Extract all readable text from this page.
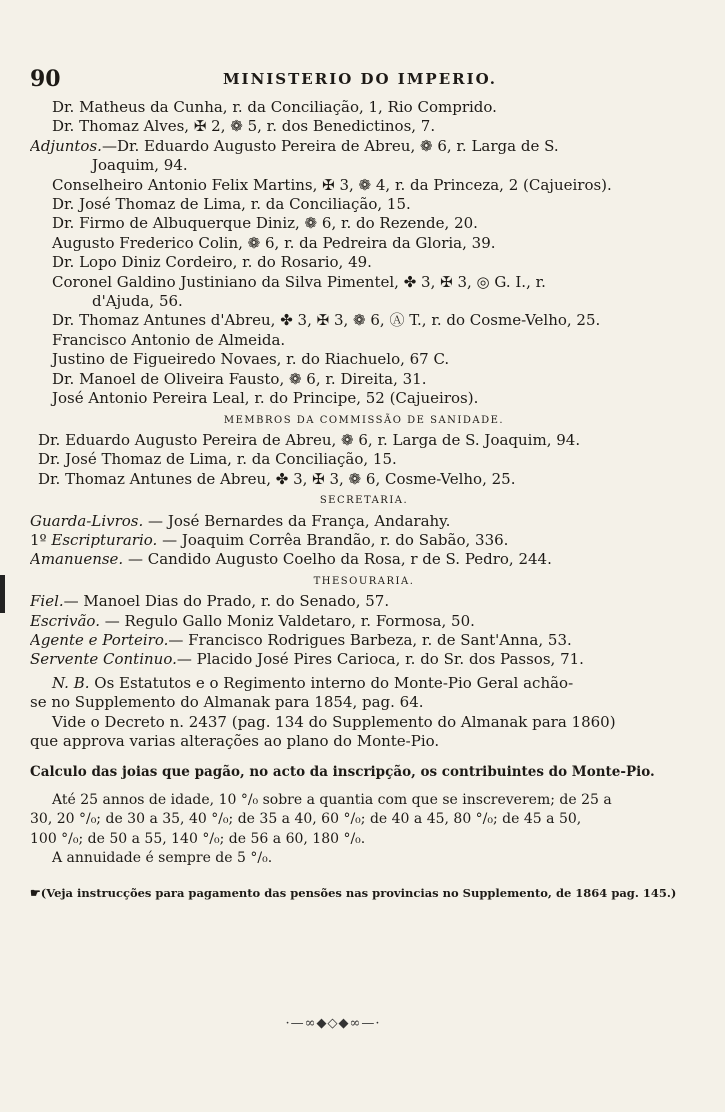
90	MINISTERIO DO IMPERIO.
Dr. Matheus da Cunha, r. da Conciliação, 1, Rio Comprido.
Dr. Thomaz Alves, ✠ 2, ❁ 5, r. dos Benedictinos, 7.
Adjuntos.—Dr. Eduardo Augusto Pereira de Abreu, ❁ 6, r. Larga de S.
Joaquim, 94.
Conselheiro Antonio Felix Martins, ✠ 3, ❁ 4, r. da Princeza, 2 (Cajueiros).
Dr. José Thomaz de Lima, r. da Conciliação, 15.
Dr. Firmo de Albuquerque Diniz, ❁ 6, r. do Rezende, 20.
Augusto Frederico Colin, ❁ 6, r. da Pedreira da Gloria, 39.
Dr. Lopo Diniz Cordeiro, r. do Rosario, 49.
Coronel Galdino Justiniano da Silva Pimentel, ✤ 3, ✠ 3, ◎ G. I., r.
d'Ajuda, 56.
Dr. Thomaz Antunes d'Abreu, ✤ 3, ✠ 3, ❁ 6, Ⓐ T., r. do Cosme-Velho, 25.
Francisco Antonio de Almeida.
Justino de Figueiredo Novaes, r. do Riachuelo, 67 C.
Dr. Manoel de Oliveira Fausto, ❁ 6, r. Direita, 31.
José Antonio Pereira Leal, r. do Principe, 52 (Cajueiros).
MEMBROS DA COMMISSÃO DE SANIDADE.
Dr. Eduardo Augusto Pereira de Abreu, ❁ 6, r. Larga de S. Joaquim, 94.
Dr. José Thomaz de Lima, r. da Conciliação, 15.
Dr. Thomaz Antunes de Abreu, ✤ 3, ✠ 3, ❁ 6, Cosme-Velho, 25.
SECRETARIA.
Guarda-Livros. — José Bernardes da França, Andarahy.
1º Escripturario. — Joaquim Corrêa Brandão, r. do Sabão, 336.
Amanuense. — Candido Augusto Coelho da Rosa, r de S. Pedro, 244.
THESOURARIA.
Fiel.— Manoel Dias do Prado, r. do Senado, 57.
Escrivão. — Regulo Gallo Moniz Valdetaro, r. Formosa, 50.
Agente e Porteiro.— Francisco Rodrigues Barbeza, r. de Sant'Anna, 53.
Servente Continuo.— Placido José Pires Carioca, r. do Sr. dos Passos, 71.
N. B. Os Estatutos e o Regimento interno do Monte-Pio Geral achão-
se no Supplemento do Almanak para 1854, pag. 64.
Vide o Decreto n. 2437 (pag. 134 do Supplemento do Almanak para 1860)
que approva varias alterações ao plano do Monte-Pio.
Calculo das joias que pagão, no acto da inscripção, os contribuintes do Monte-Pio.
Até 25 annos de idade, 10 °/₀ sobre a quantia com que se inscreverem; de 25 a
30, 20 °/₀; de 30 a 35, 40 °/₀; de 35 a 40, 60 °/₀; de 40 a 45, 80 °/₀; de 45 a 50,
100 °/₀; de 50 a 55, 140 °/₀; de 56 a 60, 180 °/₀.
A annuidade é sempre de 5 °/₀.
☛(Veja instrucções para pagamento das pensões nas provincias no Supplemento, de 1864 pag. 145.)
·—∞◆◇◆∞—·
